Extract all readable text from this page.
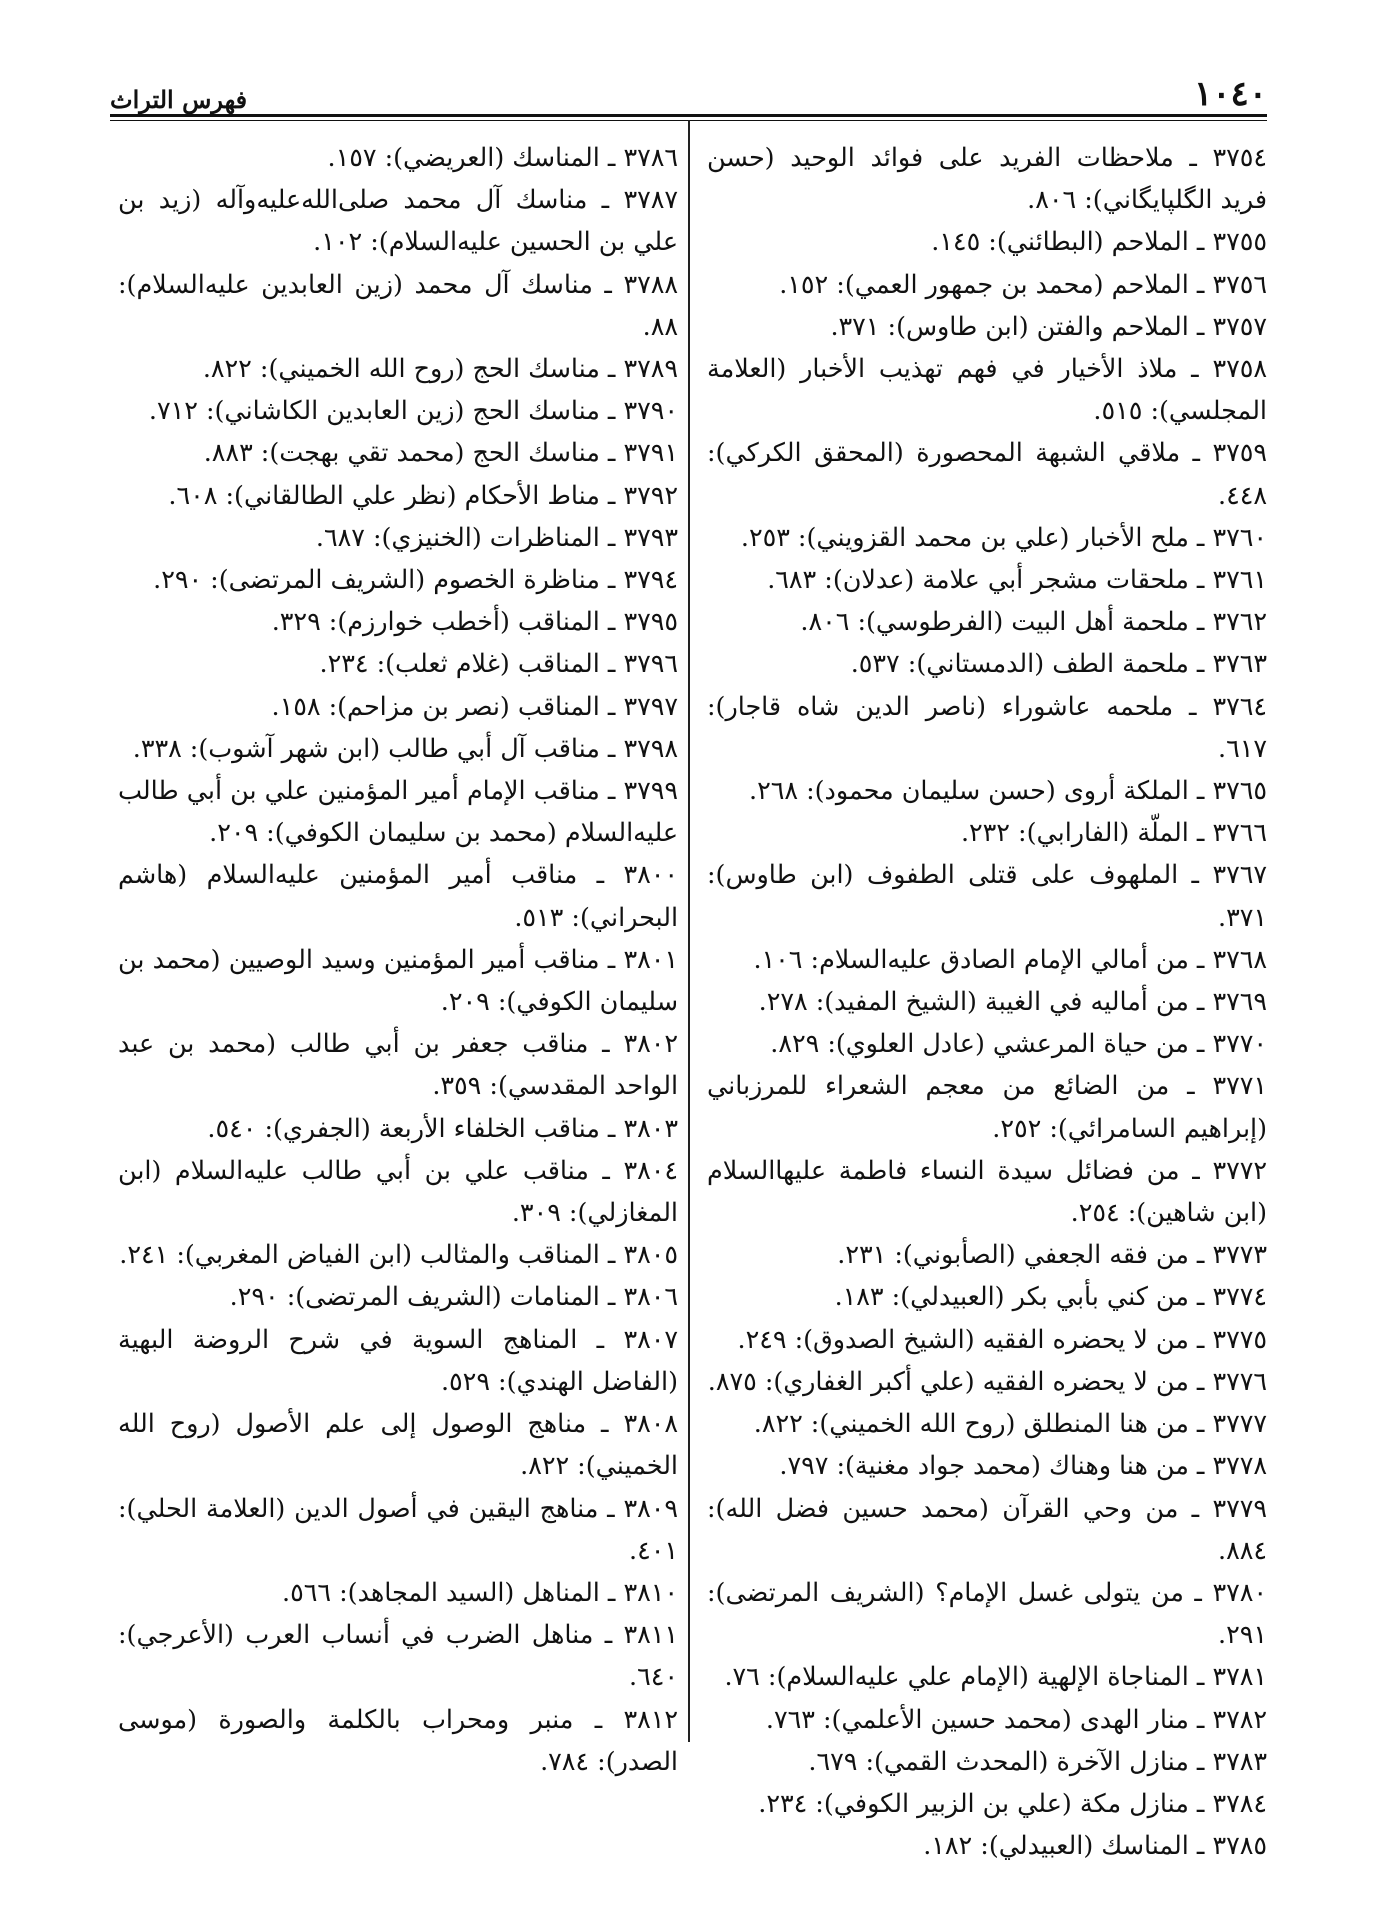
١٠٤٠
فهرس التراث
٣٧٥٤ ـ ملاحظات الفريد على فوائد الوحيد (حسن فريد الگلپايگاني): ٨٠٦.
٣٧٥٥ ـ الملاحم (البطائني): ١٤٥.
٣٧٥٦ ـ الملاحم (محمد بن جمهور العمي): ١٥٢.
٣٧٥٧ ـ الملاحم والفتن (ابن طاوس): ٣٧١.
٣٧٥٨ ـ ملاذ الأخيار في فهم تهذيب الأخبار (العلامة المجلسي): ٥١٥.
٣٧٥٩ ـ ملاقي الشبهة المحصورة (المحقق الكركي): ٤٤٨.
٣٧٦٠ ـ ملح الأخبار (علي بن محمد القزويني): ٢٥٣.
٣٧٦١ ـ ملحقات مشجر أبي علامة (عدلان): ٦٨٣.
٣٧٦٢ ـ ملحمة أهل البيت (الفرطوسي): ٨٠٦.
٣٧٦٣ ـ ملحمة الطف (الدمستاني): ٥٣٧.
٣٧٦٤ ـ ملحمه عاشوراء (ناصر الدين شاه قاجار): ٦١٧.
٣٧٦٥ ـ الملكة أروى (حسن سليمان محمود): ٢٦٨.
٣٧٦٦ ـ الملّة (الفارابي): ٢٣٢.
٣٧٦٧ ـ الملهوف على قتلى الطفوف (ابن طاوس): ٣٧١.
٣٧٦٨ ـ من أمالي الإمام الصادق عليه‌السلام: ١٠٦.
٣٧٦٩ ـ من أماليه في الغيبة (الشيخ المفيد): ٢٧٨.
٣٧٧٠ ـ من حياة المرعشي (عادل العلوي): ٨٢٩.
٣٧٧١ ـ من الضائع من معجم الشعراء للمرزباني (إبراهيم السامرائي): ٢٥٢.
٣٧٧٢ ـ من فضائل سيدة النساء فاطمة عليها‌السلام (ابن شاهين): ٢٥٤.
٣٧٧٣ ـ من فقه الجعفي (الصأبوني): ٢٣١.
٣٧٧٤ ـ من كني بأبي بكر (العبيدلي): ١٨٣.
٣٧٧٥ ـ من لا يحضره الفقيه (الشيخ الصدوق): ٢٤٩.
٣٧٧٦ ـ من لا يحضره الفقيه (علي أكبر الغفاري): ٨٧٥.
٣٧٧٧ ـ من هنا المنطلق (روح الله الخميني): ٨٢٢.
٣٧٧٨ ـ من هنا وهناك (محمد جواد مغنية): ٧٩٧.
٣٧٧٩ ـ من وحي القرآن (محمد حسين فضل الله): ٨٨٤.
٣٧٨٠ ـ من يتولى غسل الإمام؟ (الشريف المرتضى): ٢٩١.
٣٧٨١ ـ المناجاة الإلهية (الإمام علي عليه‌السلام): ٧٦.
٣٧٨٢ ـ منار الهدى (محمد حسين الأعلمي): ٧٦٣.
٣٧٨٣ ـ منازل الآخرة (المحدث القمي): ٦٧٩.
٣٧٨٤ ـ منازل مكة (علي بن الزبير الكوفي): ٢٣٤.
٣٧٨٥ ـ المناسك (العبيدلي): ١٨٢.
٣٧٨٦ ـ المناسك (العريضي): ١٥٧.
٣٧٨٧ ـ مناسك آل محمد صلى‌الله‌عليه‌وآله (زيد بن علي بن الحسين عليه‌السلام): ١٠٢.
٣٧٨٨ ـ مناسك آل محمد (زين العابدين عليه‌السلام): ٨٨.
٣٧٨٩ ـ مناسك الحج (روح الله الخميني): ٨٢٢.
٣٧٩٠ ـ مناسك الحج (زين العابدين الكاشاني): ٧١٢.
٣٧٩١ ـ مناسك الحج (محمد تقي بهجت): ٨٨٣.
٣٧٩٢ ـ مناط الأحكام (نظر علي الطالقاني): ٦٠٨.
٣٧٩٣ ـ المناظرات (الخنيزي): ٦٨٧.
٣٧٩٤ ـ مناظرة الخصوم (الشريف المرتضى): ٢٩٠.
٣٧٩٥ ـ المناقب (أخطب خوارزم): ٣٢٩.
٣٧٩٦ ـ المناقب (غلام ثعلب): ٢٣٤.
٣٧٩٧ ـ المناقب (نصر بن مزاحم): ١٥٨.
٣٧٩٨ ـ مناقب آل أبي طالب (ابن شهر آشوب): ٣٣٨.
٣٧٩٩ ـ مناقب الإمام أمير المؤمنين علي بن أبي طالب عليه‌السلام (محمد بن سليمان الكوفي): ٢٠٩.
٣٨٠٠ ـ مناقب أمير المؤمنين عليه‌السلام (هاشم البحراني): ٥١٣.
٣٨٠١ ـ مناقب أمير المؤمنين وسيد الوصيين (محمد بن سليمان الكوفي): ٢٠٩.
٣٨٠٢ ـ مناقب جعفر بن أبي طالب (محمد بن عبد الواحد المقدسي): ٣٥٩.
٣٨٠٣ ـ مناقب الخلفاء الأربعة (الجفري): ٥٤٠.
٣٨٠٤ ـ مناقب علي بن أبي طالب عليه‌السلام (ابن المغازلي): ٣٠٩.
٣٨٠٥ ـ المناقب والمثالب (ابن الفياض المغربي): ٢٤١.
٣٨٠٦ ـ المنامات (الشريف المرتضى): ٢٩٠.
٣٨٠٧ ـ المناهج السوية في شرح الروضة البهية (الفاضل الهندي): ٥٢٩.
٣٨٠٨ ـ مناهج الوصول إلى علم الأصول (روح الله الخميني): ٨٢٢.
٣٨٠٩ ـ مناهج اليقين في أصول الدين (العلامة الحلي): ٤٠١.
٣٨١٠ ـ المناهل (السيد المجاهد): ٥٦٦.
٣٨١١ ـ مناهل الضرب في أنساب العرب (الأعرجي): ٦٤٠.
٣٨١٢ ـ منبر ومحراب بالكلمة والصورة (موسى الصدر): ٧٨٤.
